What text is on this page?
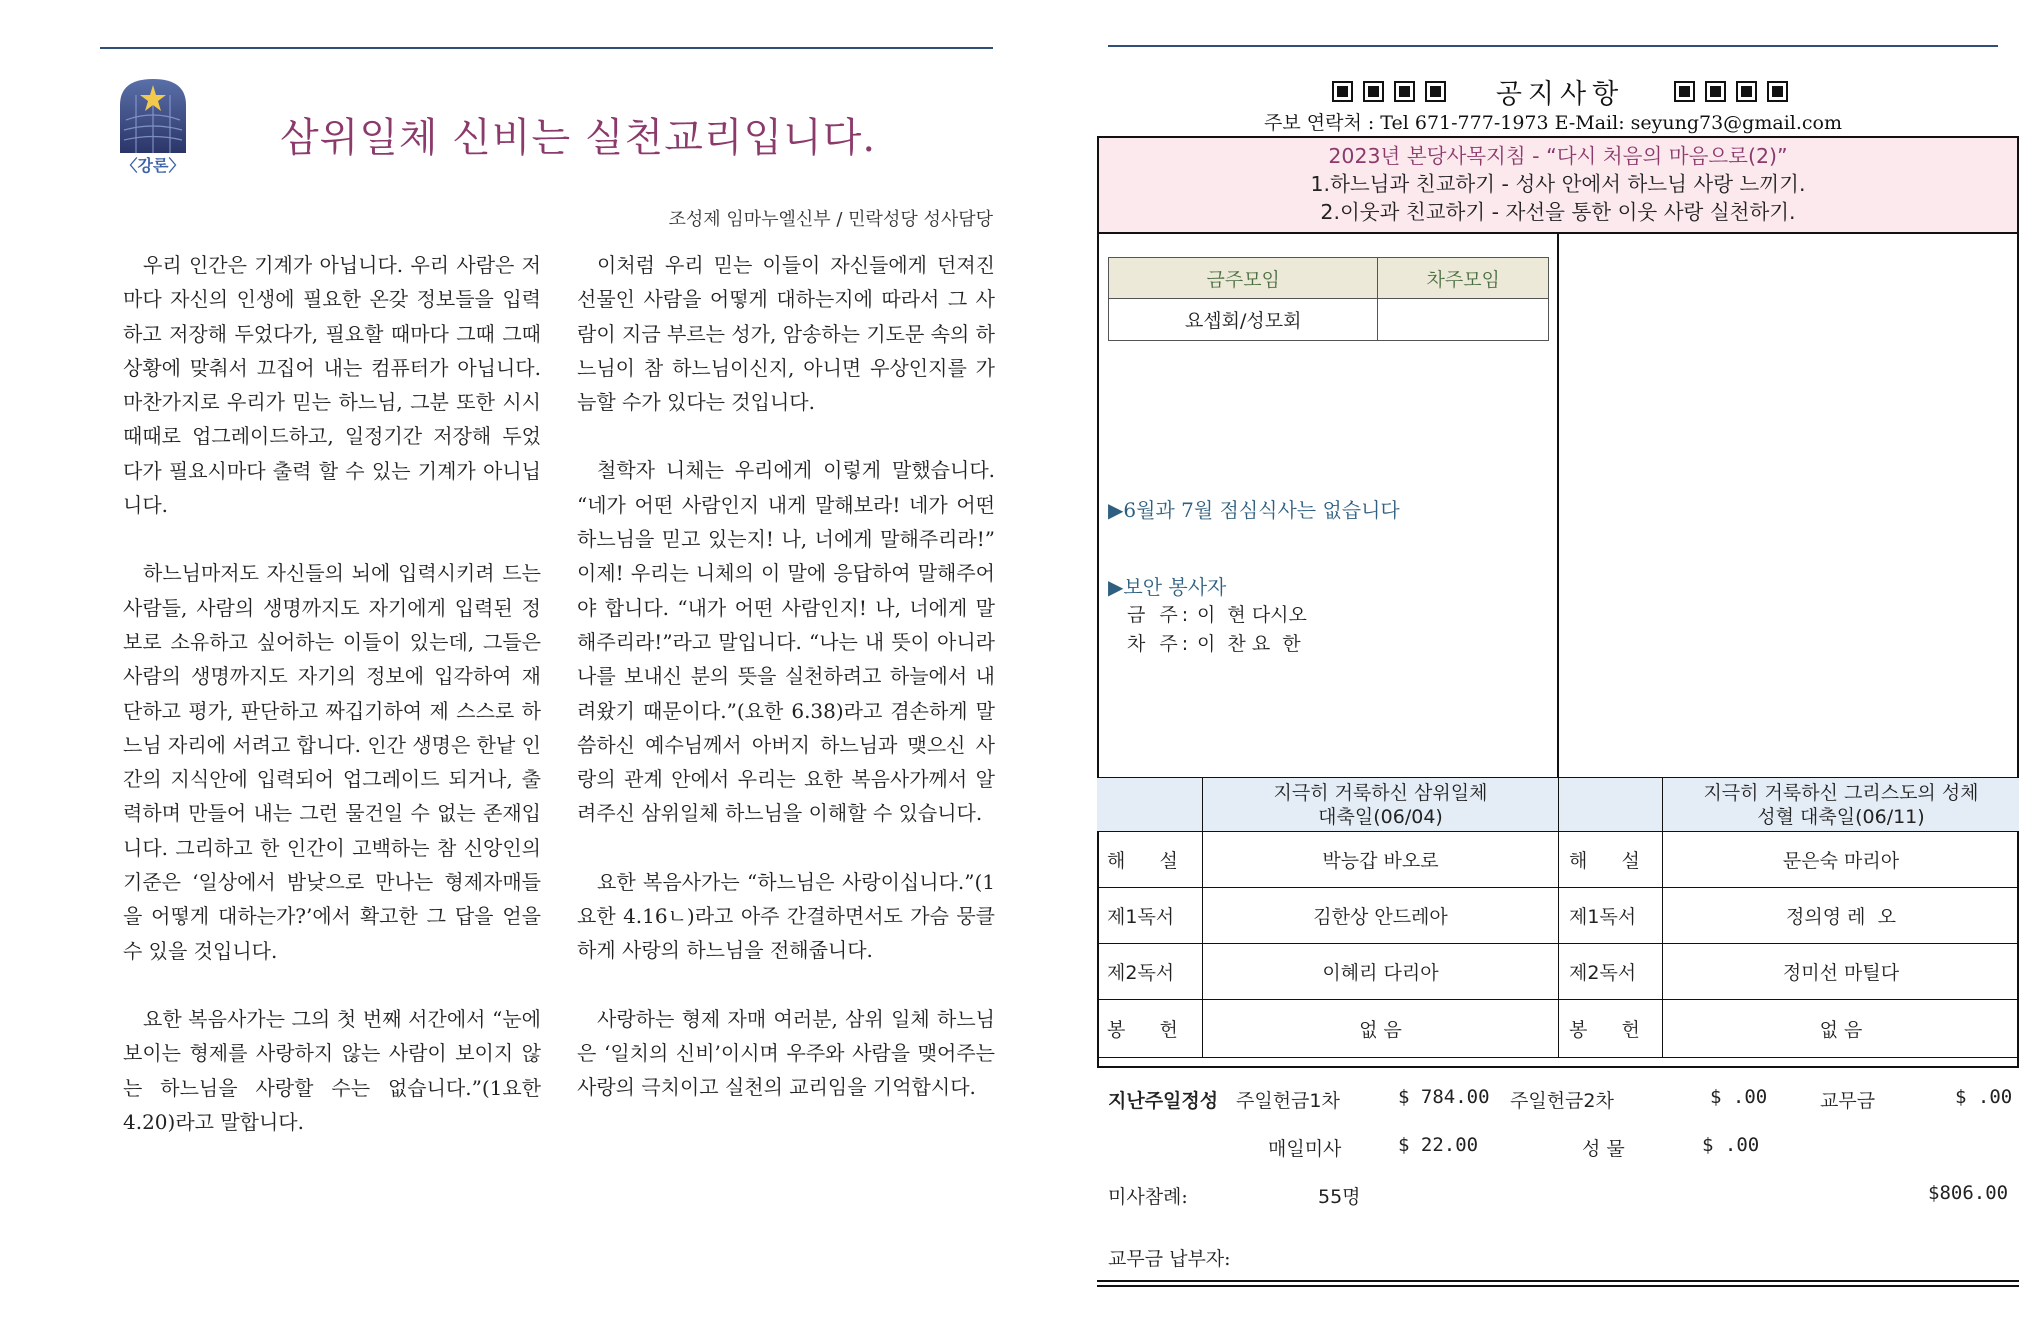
〈강론〉
삼위일체 신비는 실천교리입니다.
조성제 임마누엘신부 / 민락성당 성사담당

우리 인간은 기계가 아닙니다. 우리 사람은 저마다 자신의 인생에 필요한 온갖 정보들을 입력하고 저장해 두었다가, 필요할 때마다 그때 그때 상황에 맞춰서 끄집어 내는 컴퓨터가 아닙니다. 마찬가지로 우리가 믿는 하느님, 그분 또한 시시때때로 업그레이드하고, 일정기간 저장해 두었다가 필요시마다 출력 할 수 있는 기계가 아니닙니다.

하느님마저도 자신들의 뇌에 입력시키려 드는 사람들, 사람의 생명까지도 자기에게 입력된 정보로 소유하고 싶어하는 이들이 있는데, 그들은 사람의 생명까지도 자기의 정보에 입각하여 재단하고 평가, 판단하고 짜깁기하여 제 스스로 하느님 자리에 서려고 합니다. 인간 생명은 한낱 인간의 지식안에 입력되어 업그레이드 되거나, 출력하며 만들어 내는 그런 물건일 수 없는 존재입니다. 그리하고 한 인간이 고백하는 참 신앙인의 기준은 ‘일상에서 밤낮으로 만나는 형제자매들을 어떻게 대하는가?’에서 확고한 그 답을 얻을 수 있을 것입니다.

요한 복음사가는 그의 첫 번째 서간에서 “눈에 보이는 형제를 사랑하지 않는 사람이 보이지 않는 하느님을 사랑할 수는 없습니다.”(1요한 4.20)라고 말합니다.

이처럼 우리 믿는 이들이 자신들에게 던져진 선물인 사람을 어떻게 대하는지에 따라서 그 사람이 지금 부르는 성가, 암송하는 기도문 속의 하느님이 참 하느님이신지, 아니면 우상인지를 가늠할 수가 있다는 것입니다.

철학자 니체는 우리에게 이렇게 말했습니다. “네가 어떤 사람인지 내게 말해보라! 네가 어떤 하느님을 믿고 있는지! 나, 너에게 말해주리라!” 이제! 우리는 니체의 이 말에 응답하여 말해주어야 합니다. “내가 어떤 사람인지! 나, 너에게 말해주리라!”라고 말입니다. “나는 내 뜻이 아니라 나를 보내신 분의 뜻을 실천하려고 하늘에서 내려왔기 때문이다.”(요한 6.38)라고 겸손하게 말씀하신 예수님께서 아버지 하느님과 맺으신 사랑의 관계 안에서 우리는 요한 복음사가께서 알려주신 삼위일체 하느님을 이해할 수 있습니다.

요한 복음사가는 “하느님은 사랑이십니다.”(1요한 4.16ㄴ)라고 아주 간결하면서도 가슴 뭉클하게 사랑의 하느님을 전해줍니다.

사랑하는 형제 자매 여러분, 삼위 일체 하느님은 ‘일치의 신비’이시며 우주와 사람을 맺어주는 사랑의 극치이고 실천의 교리임을 기억합시다.

공지사항
주보 연락처 : Tel 671-777-1973 E-Mail: seyung73@gmail.com
2023년 본당사목지침 - “다시 처음의 마음으로(2)”
1.하느님과 친교하기 - 성사 안에서 하느님 사랑 느끼기.
2.이웃과 친교하기 - 자선을 통한 이웃 사랑 실천하기.
금주모임	차주모임
요셉회/성모회	
▶6월과 7월 점심식사는 없습니다
▶보안 봉사자
금 주: 이  현 다시오
차 주: 이  찬 요  한
지극히 거룩하신 삼위일체
대축일(06/04)
지극히 거룩하신 그리스도의 성체
성혈 대축일(06/11)
해    설	박능갑 바오로	해    설	문은숙 마리아
제1독서	김한상 안드레아	제1독서	정의영 레  오
제2독서	이혜리 다리아	제2독서	정미선 마틸다
봉    헌	없 음	봉    헌	없 음
지난주일정성 주일헌금1차	$ 784.00 주일헌금2차	$ .00	교무금	$ .00
매일미사	$ 22.00	성 물	$ .00
미사참례:	55명	$806.00
교무금 납부자:
